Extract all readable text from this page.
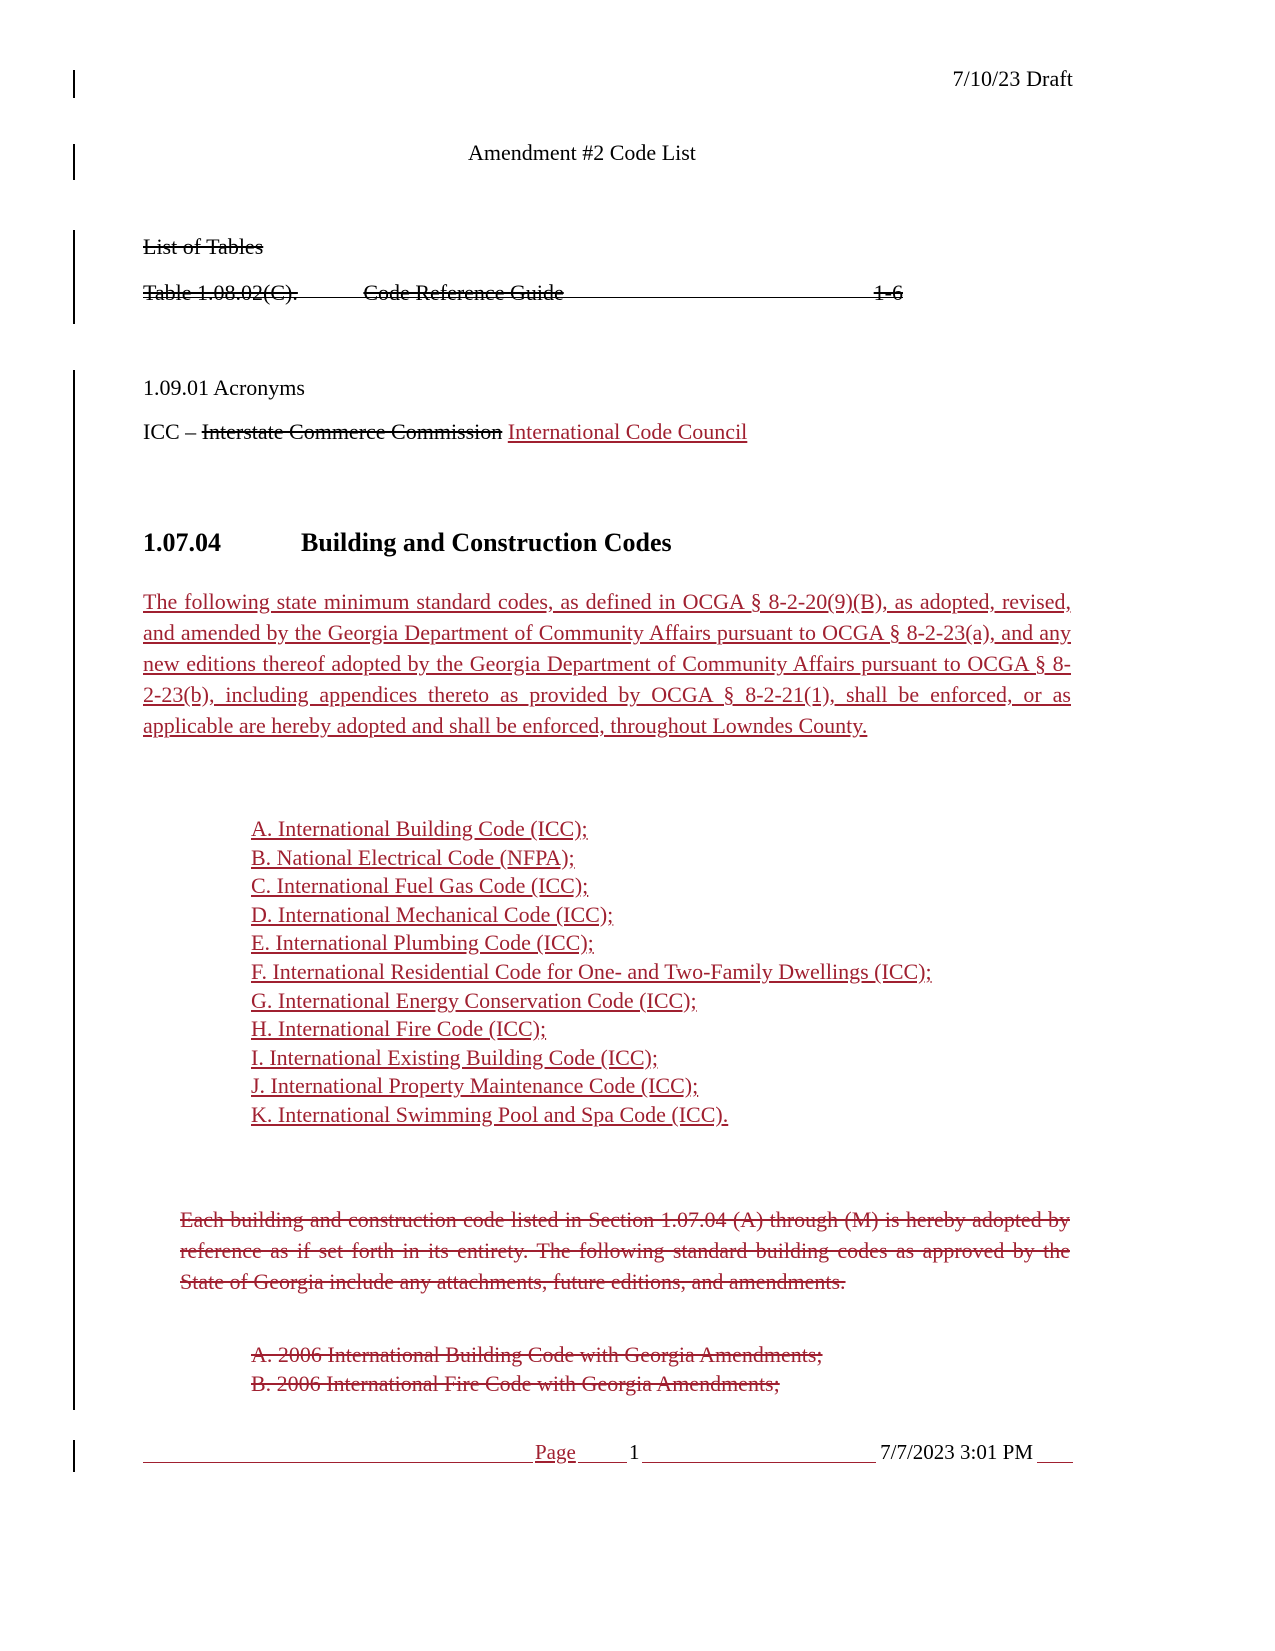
7/10/23 Draft
Amendment #2 Code List
List of Tables
Table 1.08.02(C).	Code Reference Guide	1-6
1.09.01 Acronyms
ICC – Interstate Commerce Commission International Code Council
1.07.04	Building and Construction Codes
The following state minimum standard codes, as defined in OCGA § 8-2-20(9)(B), as adopted, revised, and amended by the Georgia Department of Community Affairs pursuant to OCGA § 8-2-23(a), and any new editions thereof adopted by the Georgia Department of Community Affairs pursuant to OCGA § 8-2-23(b), including appendices thereto as provided by OCGA § 8-2-21(1), shall be enforced, or as applicable are hereby adopted and shall be enforced, throughout Lowndes County.
A. International Building Code (ICC);
B. National Electrical Code (NFPA);
C. International Fuel Gas Code (ICC);
D. International Mechanical Code (ICC);
E. International Plumbing Code (ICC);
F. International Residential Code for One- and Two-Family Dwellings (ICC);
G. International Energy Conservation Code (ICC);
H. International Fire Code (ICC);
I. International Existing Building Code (ICC);
J. International Property Maintenance Code (ICC);
K. International Swimming Pool and Spa Code (ICC).
Each building and construction code listed in Section 1.07.04 (A) through (M) is hereby adopted by reference as if set forth in its entirety. The following standard building codes as approved by the State of Georgia include any attachments, future editions, and amendments.
A. 2006 International Building Code with Georgia Amendments;
B. 2006 International Fire Code with Georgia Amendments;
Page	1	7/7/2023 3:01 PM
